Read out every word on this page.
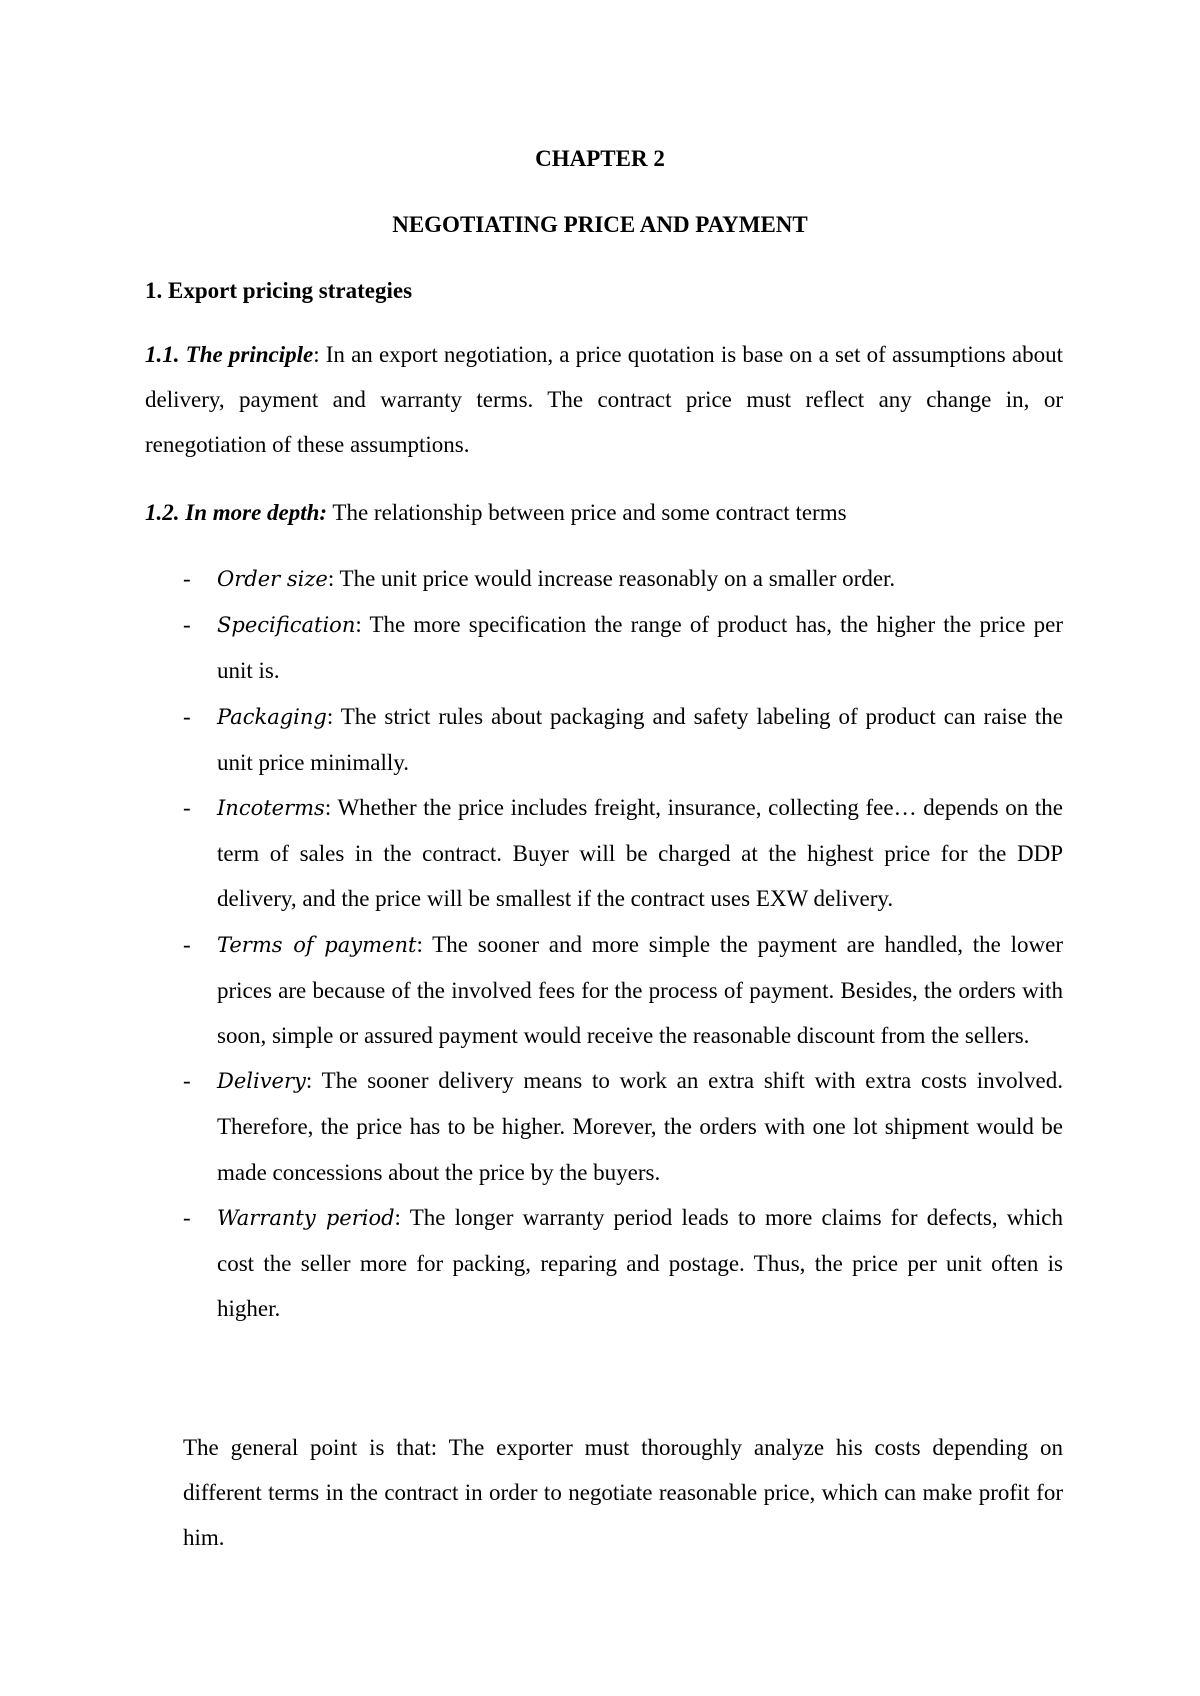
CHAPTER 2
NEGOTIATING PRICE AND PAYMENT
1. Export pricing strategies
1.1. The principle: In an export negotiation, a price quotation is base on a set of assumptions about delivery, payment and warranty terms. The contract price must reflect any change in, or renegotiation of these assumptions.
1.2. In more depth: The relationship between price and some contract terms
- Order size: The unit price would increase reasonably on a smaller order.
- Specification: The more specification the range of product has, the higher the price per unit is.
- Packaging: The strict rules about packaging and safety labeling of product can raise the unit price minimally.
- Incoterms: Whether the price includes freight, insurance, collecting fee… depends on the term of sales in the contract. Buyer will be charged at the highest price for the DDP delivery, and the price will be smallest if the contract uses EXW delivery.
- Terms of payment: The sooner and more simple the payment are handled, the lower prices are because of the involved fees for the process of payment. Besides, the orders with soon, simple or assured payment would receive the reasonable discount from the sellers.
- Delivery: The sooner delivery means to work an extra shift with extra costs involved. Therefore, the price has to be higher. Morever, the orders with one lot shipment would be made concessions about the price by the buyers.
- Warranty period: The longer warranty period leads to more claims for defects, which cost the seller more for packing, reparing and postage. Thus, the price per unit often is higher.
The general point is that: The exporter must thoroughly analyze his costs depending on different terms in the contract in order to negotiate reasonable price, which can make profit for him.
